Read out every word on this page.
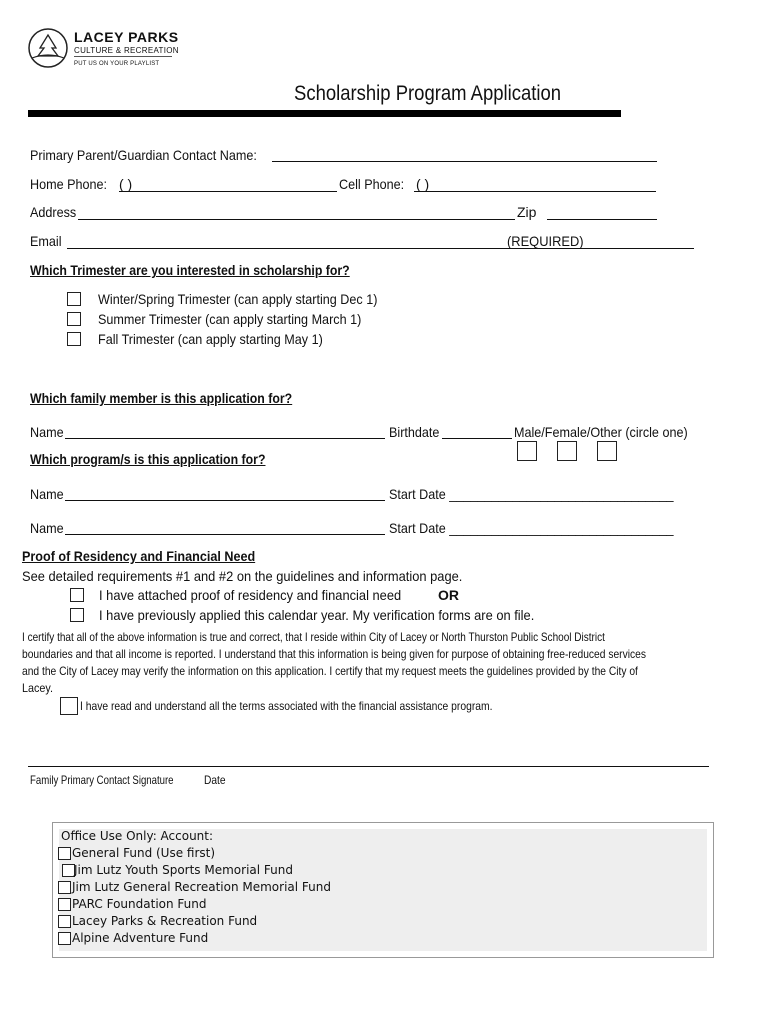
LACEY PARKS
CULTURE & RECREATION
PUT US ON YOUR PLAYLIST
Scholarship Program Application
Primary Parent/Guardian Contact Name:
Home Phone: ( )	Cell Phone: ( )
Address	Zip
Email	(REQUIRED)
Which Trimester are you interested in scholarship for?
Winter/Spring Trimester (can apply starting Dec 1)
Summer Trimester (can apply starting March 1)
Fall Trimester (can apply starting May 1)
Which family member is this application for?
Name	Birthdate	Male/Female/Other (circle one)
Which program/s is this application for?
Name	Start Date ________________________________
Name	Start Date ________________________________
Proof of Residency and Financial Need
See detailed requirements #1 and #2 on the guidelines and information page.
I have attached proof of residency and financial need	OR
I have previously applied this calendar year. My verification forms are on file.
I certify that all of the above information is true and correct, that I reside within City of Lacey or North Thurston Public School District
boundaries and that all income is reported. I understand that this information is being given for purpose of obtaining free-reduced services
and the City of Lacey may verify the information on this application. I certify that my request meets the guidelines provided by the City of
Lacey.
I have read and understand all the terms associated with the financial assistance program.
Family Primary Contact Signature	Date
Office Use Only: Account:
General Fund (Use first)
Jim Lutz Youth Sports Memorial Fund
Jim Lutz General Recreation Memorial Fund
PARC Foundation Fund
Lacey Parks & Recreation Fund
Alpine Adventure Fund
